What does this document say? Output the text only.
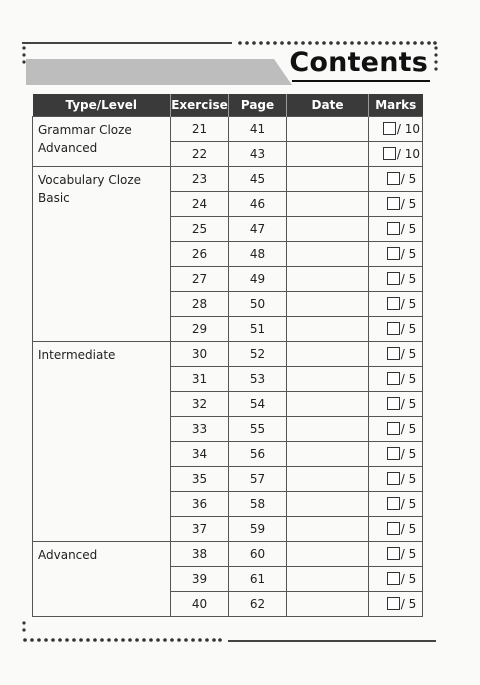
Contents
Type/Level	Exercise	Page	Date	Marks

Grammar Cloze
Advanced	21	41		/ 10
	22	43		/ 10

Vocabulary Cloze
Basic	23	45		/ 5
	24	46		/ 5
	25	47		/ 5
	26	48		/ 5
	27	49		/ 5
	28	50		/ 5
	29	51		/ 5

Intermediate	30	52		/ 5
	31	53		/ 5
	32	54		/ 5
	33	55		/ 5
	34	56		/ 5
	35	57		/ 5
	36	58		/ 5
	37	59		/ 5

Advanced	38	60		/ 5
	39	61		/ 5
	40	62		/ 5
